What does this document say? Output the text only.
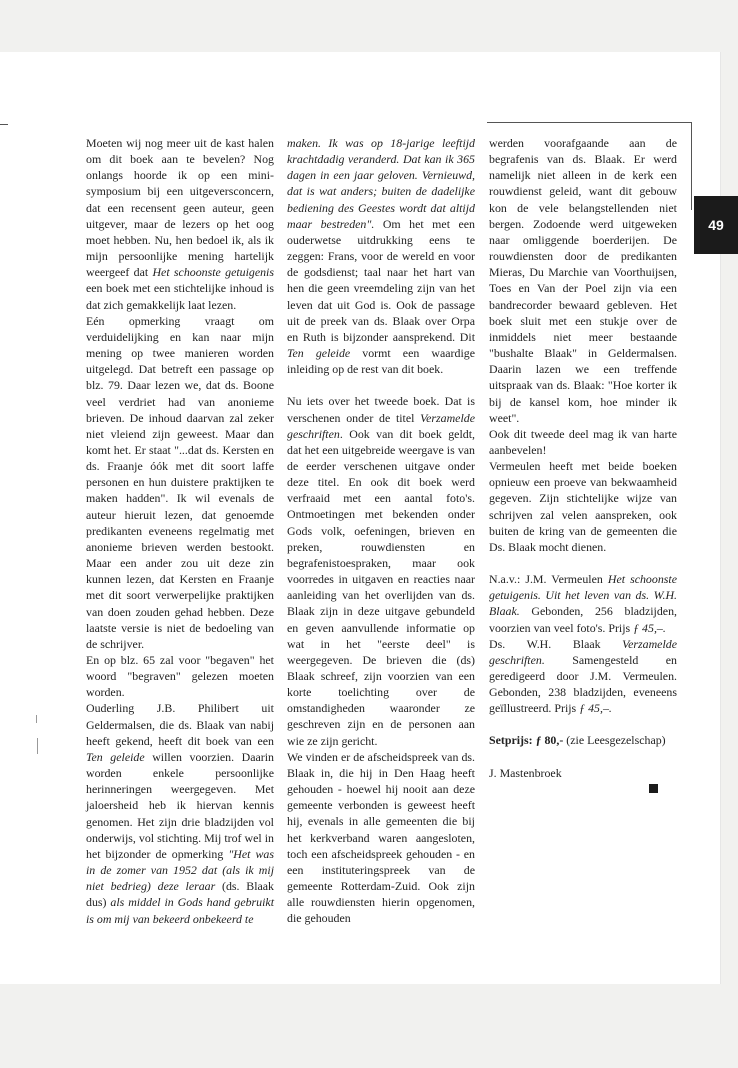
49

Moeten wij nog meer uit de kast halen om dit boek aan te bevelen? Nog onlangs hoorde ik op een mini-symposium bij een uitgeversconcern, dat een recensent geen auteur, geen uitgever, maar de lezers op het oog moet hebben. Nu, hen bedoel ik, als ik mijn persoonlijke mening hartelijk weergeef dat Het schoonste getuigenis een boek met een stichtelijke inhoud is dat zich gemakkelijk laat lezen.

Eén opmerking vraagt om verduidelijking en kan naar mijn mening op twee manieren worden uitgelegd. Dat betreft een passage op blz. 79. Daar lezen we, dat ds. Boone veel verdriet had van anonieme brieven. De inhoud daarvan zal zeker niet vleiend zijn geweest. Maar dan komt het. Er staat "...dat ds. Kersten en ds. Fraanje óók met dit soort laffe personen en hun duistere praktijken te maken hadden". Ik wil evenals de auteur hieruit lezen, dat genoemde predikanten eveneens regelmatig met anonieme brieven werden bestookt. Maar een ander zou uit deze zin kunnen lezen, dat Kersten en Fraanje met dit soort verwerpelijke praktijken van doen zouden gehad hebben. Deze laatste versie is niet de bedoeling van de schrijver.

En op blz. 65 zal voor "begaven" het woord "begraven" gelezen moeten worden.

Ouderling J.B. Philibert uit Geldermalsen, die ds. Blaak van nabij heeft gekend, heeft dit boek van een Ten geleide willen voorzien. Daarin worden enkele persoonlijke herinneringen weergegeven. Met jaloersheid heb ik hiervan kennis genomen. Het zijn drie bladzijden vol onderwijs, vol stichting. Mij trof wel in het bijzonder de opmerking "Het was in de zomer van 1952 dat (als ik mij niet bedrieg) deze leraar (ds. Blaak dus) als middel in Gods hand gebruikt is om mij van bekeerd onbekeerd te

maken. Ik was op 18-jarige leeftijd krachtdadig veranderd. Dat kan ik 365 dagen in een jaar geloven. Vernieuwd, dat is wat anders; buiten de dadelijke bediening des Geestes wordt dat altijd maar bestreden". Om het met een ouderwetse uitdrukking eens te zeggen: Frans, voor de wereld en voor de godsdienst; taal naar het hart van hen die geen vreemdeling zijn van het leven dat uit God is. Ook de passage uit de preek van ds. Blaak over Orpa en Ruth is bijzonder aansprekend. Dit Ten geleide vormt een waardige inleiding op de rest van dit boek.

Nu iets over het tweede boek. Dat is verschenen onder de titel Verzamelde geschriften. Ook van dit boek geldt, dat het een uitgebreide weergave is van de eerder verschenen uitgave onder deze titel. En ook dit boek werd verfraaid met een aantal foto's. Ontmoetingen met bekenden onder Gods volk, oefeningen, brieven en preken, rouwdiensten en begrafenistoespraken, maar ook voorredes in uitgaven en reacties naar aanleiding van het overlijden van ds. Blaak zijn in deze uitgave gebundeld en geven aanvullende informatie op wat in het "eerste deel" is weergegeven. De brieven die (ds) Blaak schreef, zijn voorzien van een korte toelichting over de omstandigheden waaronder ze geschreven zijn en de personen aan wie ze zijn gericht.

We vinden er de afscheidspreek van ds. Blaak in, die hij in Den Haag heeft gehouden - hoewel hij nooit aan deze gemeente verbonden is geweest heeft hij, evenals in alle gemeenten die bij het kerkverband waren aangesloten, toch een afscheidspreek gehouden - en een instituteringspreek van de gemeente Rotterdam-Zuid. Ook zijn alle rouwdiensten hierin opgenomen, die gehouden

werden voorafgaande aan de begrafenis van ds. Blaak. Er werd namelijk niet alleen in de kerk een rouwdienst geleid, want dit gebouw kon de vele belangstellenden niet bergen. Zodoende werd uitgeweken naar omliggende boerderijen. De rouwdiensten door de predikanten Mieras, Du Marchie van Voorthuijsen, Toes en Van der Poel zijn via een bandrecorder bewaard gebleven. Het boek sluit met een stukje over de inmiddels niet meer bestaande "bushalte Blaak" in Geldermalsen. Daarin lazen we een treffende uitspraak van ds. Blaak: "Hoe korter ik bij de kansel kom, hoe minder ik weet".

Ook dit tweede deel mag ik van harte aanbevelen!

Vermeulen heeft met beide boeken opnieuw een proeve van bekwaamheid gegeven. Zijn stichtelijke wijze van schrijven zal velen aanspreken, ook buiten de kring van de gemeenten die Ds. Blaak mocht dienen.

N.a.v.: J.M. Vermeulen Het schoonste getuigenis. Uit het leven van ds. W.H. Blaak. Gebonden, 256 bladzijden, voorzien van veel foto's. Prijs ƒ 45,–.

Ds. W.H. Blaak Verzamelde geschriften. Samengesteld en geredigeerd door J.M. Vermeulen. Gebonden, 238 bladzijden, eveneens geïllustreerd. Prijs ƒ 45,–.

Setprijs: ƒ 80,- (zie Leesgezelschap)

J. Mastenbroek
